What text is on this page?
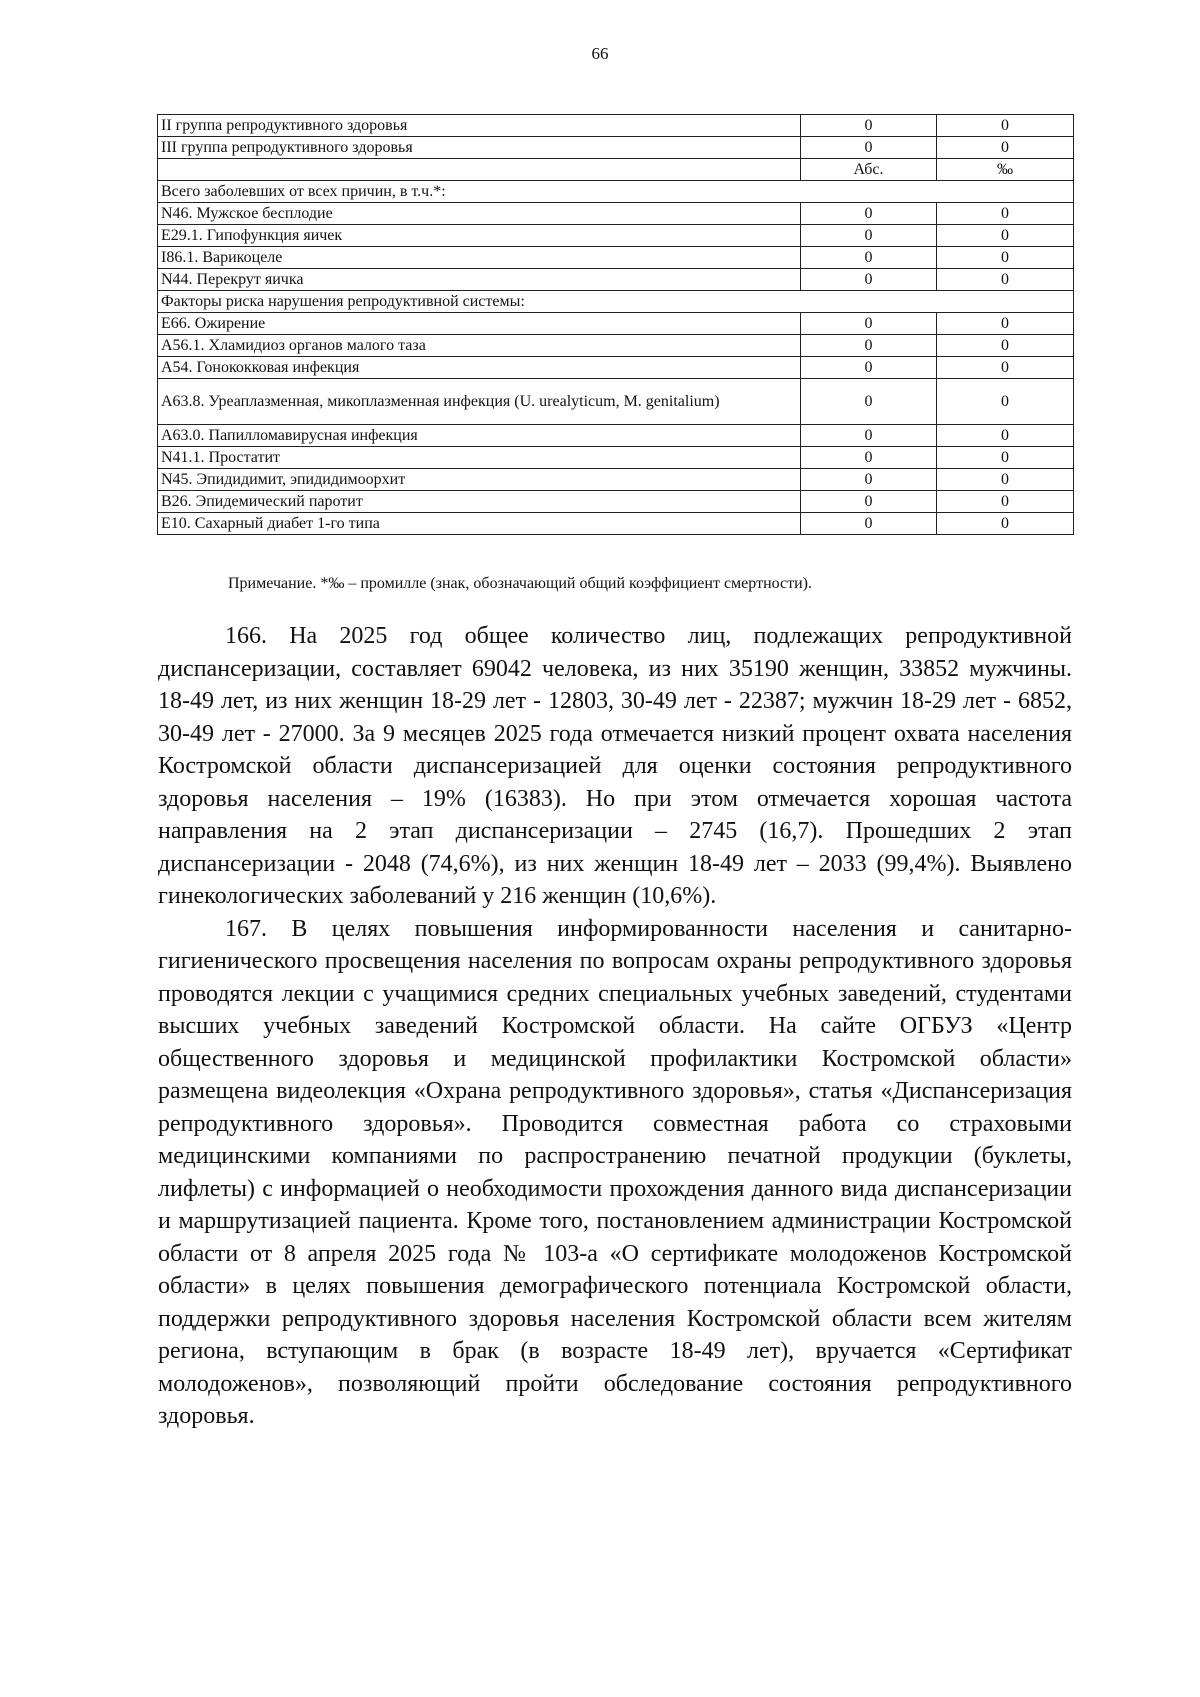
66
II группа репродуктивного здоровья	0	0
III группа репродуктивного здоровья	0	0
	Абс.	‰
Всего заболевших от всех причин, в т.ч.*:		
N46. Мужское бесплодие	0	0
Е29.1. Гипофункция яичек	0	0
I86.1. Варикоцеле	0	0
N44. Перекрут яичка	0	0
Факторы риска нарушения репродуктивной системы:		
Е66. Ожирение	0	0
А56.1. Хламидиоз органов малого таза	0	0
А54. Гонококковая инфекция	0	0
А63.8. Уреаплазменная, микоплазменная инфекция (U. urealyticum, M. genitalium)	0	0
А63.0. Папилломавирусная инфекция	0	0
N41.1. Простатит	0	0
N45. Эпидидимит, эпидидимоорхит	0	0
В26. Эпидемический паротит	0	0
Е10. Сахарный диабет 1-го типа	0	0
Примечание. *‰ – промилле (знак, обозначающий общий коэффициент смертности).

166. На 2025 год общее количество лиц, подлежащих репродуктивной диспансеризации, составляет 69042 человека, из них 35190 женщин, 33852 мужчины. 18-49 лет, из них женщин 18-29 лет - 12803, 30-49 лет - 22387; мужчин 18-29 лет - 6852, 30-49 лет - 27000. За 9 месяцев 2025 года отмечается низкий процент охвата населения Костромской области диспансеризацией для оценки состояния репродуктивного здоровья населения – 19% (16383). Но при этом отмечается хорошая частота направления на 2 этап диспансеризации – 2745 (16,7). Прошедших 2 этап диспансеризации - 2048 (74,6%), из них женщин 18-49 лет – 2033 (99,4%). Выявлено гинекологических заболеваний у 216 женщин (10,6%).

167. В целях повышения информированности населения и санитарно-гигиенического просвещения населения по вопросам охраны репродуктивного здоровья проводятся лекции с учащимися средних специальных учебных заведений, студентами высших учебных заведений Костромской области. На сайте ОГБУЗ «Центр общественного здоровья и медицинской профилактики Костромской области» размещена видеолекция «Охрана репродуктивного здоровья», статья «Диспансеризация репродуктивного здоровья». Проводится совместная работа со страховыми медицинскими компаниями по распространению печатной продукции (буклеты, лифлеты) с информацией о необходимости прохождения данного вида диспансеризации и маршрутизацией пациента. Кроме того, постановлением администрации Костромской области от 8 апреля 2025 года № 103-а «О сертификате молодоженов Костромской области» в целях повышения демографического потенциала Костромской области, поддержки репродуктивного здоровья населения Костромской области всем жителям региона, вступающим в брак (в возрасте 18-49 лет), вручается «Сертификат молодоженов», позволяющий пройти обследование состояния репродуктивного здоровья.
